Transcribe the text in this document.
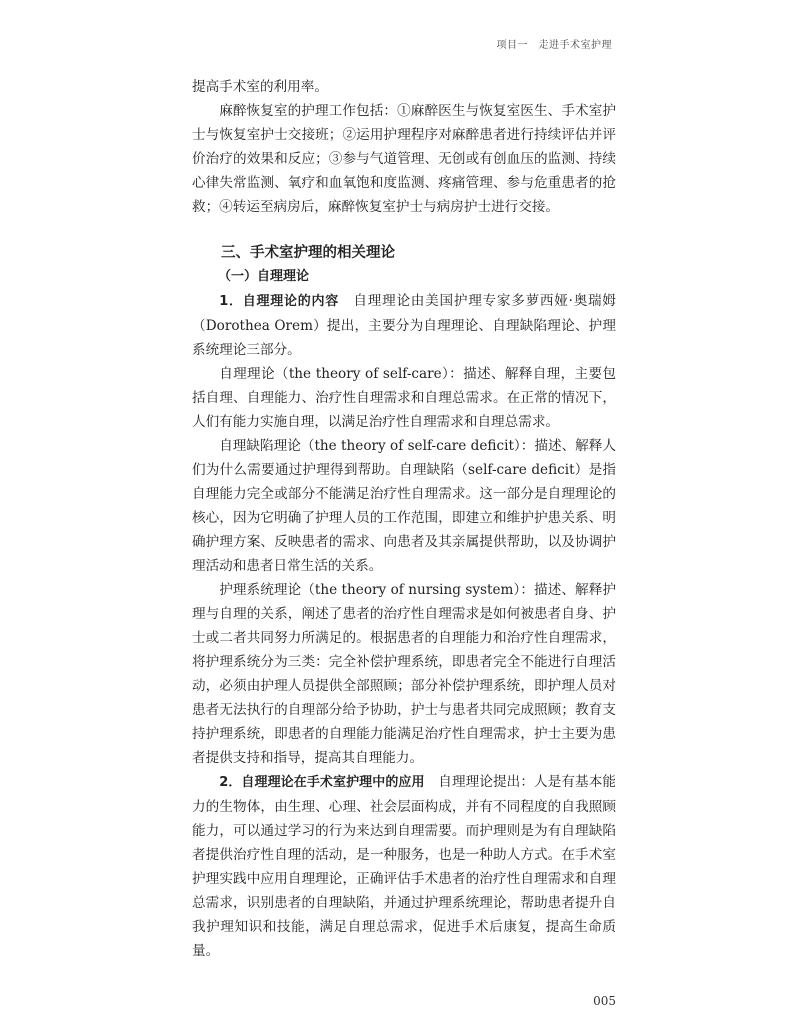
项目一　走进手术室护理

提高手术室的利用率。

麻醉恢复室的护理工作包括：①麻醉医生与恢复室医生、手术室护士与恢复室护士交接班；②运用护理程序对麻醉患者进行持续评估并评价治疗的效果和反应；③参与气道管理、无创或有创血压的监测、持续心律失常监测、氧疗和血氧饱和度监测、疼痛管理、参与危重患者的抢救；④转运至病房后，麻醉恢复室护士与病房护士进行交接。

三、手术室护理的相关理论
（一）自理理论

1．自理理论的内容 自理理论由美国护理专家多萝西娅·奥瑞姆（Dorothea Orem）提出，主要分为自理理论、自理缺陷理论、护理系统理论三部分。

自理理论（the theory of self-care）：描述、解释自理，主要包括自理、自理能力、治疗性自理需求和自理总需求。在正常的情况下，人们有能力实施自理，以满足治疗性自理需求和自理总需求。

自理缺陷理论（the theory of self-care deficit）：描述、解释人们为什么需要通过护理得到帮助。自理缺陷（self-care deficit）是指自理能力完全或部分不能满足治疗性自理需求。这一部分是自理理论的核心，因为它明确了护理人员的工作范围，即建立和维护护患关系、明确护理方案、反映患者的需求、向患者及其亲属提供帮助，以及协调护理活动和患者日常生活的关系。

护理系统理论（the theory of nursing system）：描述、解释护理与自理的关系，阐述了患者的治疗性自理需求是如何被患者自身、护士或二者共同努力所满足的。根据患者的自理能力和治疗性自理需求，将护理系统分为三类：完全补偿护理系统，即患者完全不能进行自理活动，必须由护理人员提供全部照顾；部分补偿护理系统，即护理人员对患者无法执行的自理部分给予协助，护士与患者共同完成照顾；教育支持护理系统，即患者的自理能力能满足治疗性自理需求，护士主要为患者提供支持和指导，提高其自理能力。

2．自理理论在手术室护理中的应用 自理理论提出：人是有基本能力的生物体，由生理、心理、社会层面构成，并有不同程度的自我照顾能力，可以通过学习的行为来达到自理需要。而护理则是为有自理缺陷者提供治疗性自理的活动，是一种服务，也是一种助人方式。在手术室护理实践中应用自理理论，正确评估手术患者的治疗性自理需求和自理总需求，识别患者的自理缺陷，并通过护理系统理论，帮助患者提升自我护理知识和技能，满足自理总需求，促进手术后康复，提高生命质量。

005
